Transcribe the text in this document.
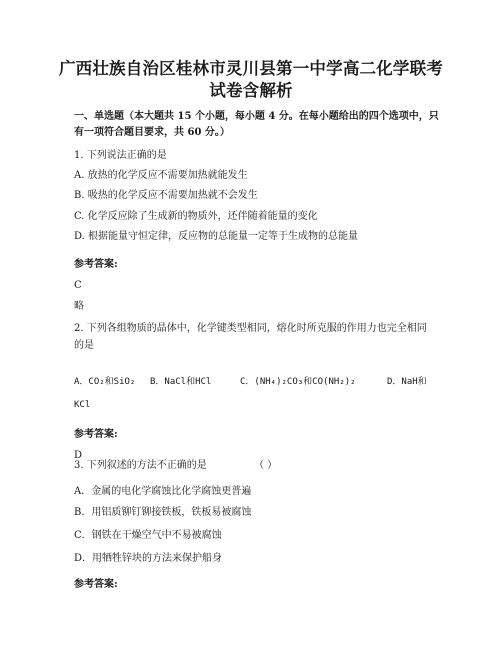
广西壮族自治区桂林市灵川县第一中学高二化学联考
试卷含解析
一、单选题（本大题共 15 个小题，每小题 4 分。在每小题给出的四个选项中，只有一项符合题目要求，共 60 分。）
1. 下列说法正确的是
A. 放热的化学反应不需要加热就能发生
B. 吸热的化学反应不需要加热就不会发生
C. 化学反应除了生成新的物质外，还伴随着能量的变化
D. 根据能量守恒定律，反应物的总能量一定等于生成物的总能量
参考答案:
C
略
2. 下列各组物质的晶体中，化学键类型相同，熔化时所克服的作用力也完全相同的是
A．CO₂和SiO₂ B．NaCl和HCl	C．(NH₄)₂CO₃和CO(NH₂)₂	D．NaH和
KCl
参考答案:
D
3. 下列叙述的方法不正确的是	（ ）
A．金属的电化学腐蚀比化学腐蚀更普遍
B．用铝质铆钉铆接铁板，铁板易被腐蚀
C．钢铁在干燥空气中不易被腐蚀
D．用牺牲锌块的方法来保护船身
参考答案:
